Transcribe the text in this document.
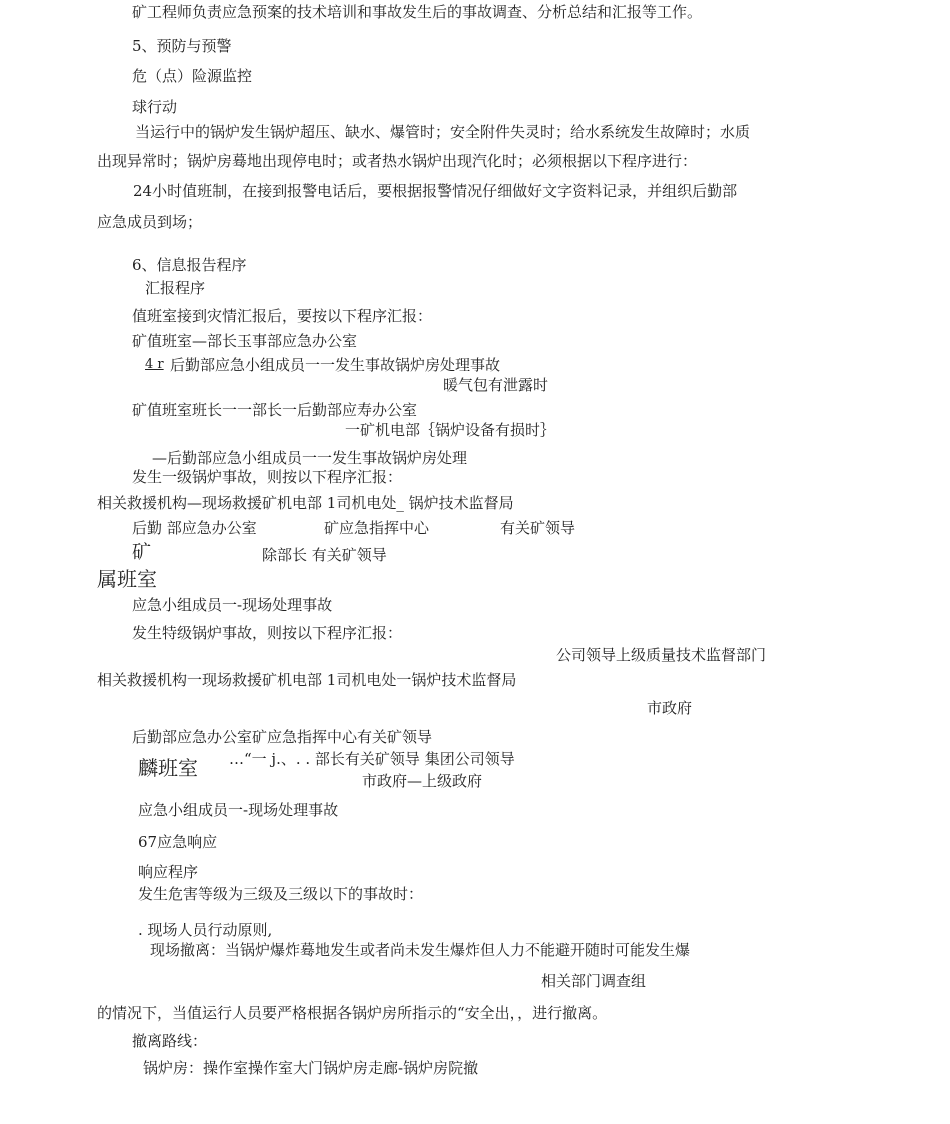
矿工程师负责应急预案的技术培训和事故发生后的事故调查、分析总结和汇报等工作。
5、预防与预警
危（点）险源监控
球行动
当运行中的锅炉发生锅炉超压、缺水、爆管时；安全附件失灵时；给水系统发生故障时；水质
出现异常时；锅炉房蓦地出现停电时；或者热水锅炉出现汽化时；必须根据以下程序进行：
24小时值班制，在接到报警电话后，要根据报警情况仔细做好文字资料记录，并组织后勤部
应急成员到场；
6、信息报告程序
汇报程序
值班室接到灾情汇报后，要按以下程序汇报：
矿值班室—部长玉事部应急办公室
4 r 后勤部应急小组成员一一发生事故锅炉房处理事故
暖气包有泄露时
矿值班室班长一一部长一后勤部应寿办公室
一矿机电部｛锅炉设备有损时｝
—后勤部应急小组成员一一发生事故锅炉房处理
发生一级锅炉事故，则按以下程序汇报：
相关救援机构—现场救援矿机电部 1司机电处_ 锅炉技术监督局
后勤 部应急办公室	矿应急指挥中心	有关矿领导
矿	除部长 有关矿领导
属班室
应急小组成员一-现场处理事故
发生特级锅炉事故，则按以下程序汇报：
公司领导上级质量技术监督部门
相关救援机构一现场救援矿机电部 1司机电处一锅炉技术监督局
市政府
后勤部应急办公室矿应急指挥中心有关矿领导
麟班室 …“一 j.、. . 部长有关矿领导 集团公司领导
市政府—上级政府
应急小组成员一-现场处理事故
67应急响应
响应程序
发生危害等级为三级及三级以下的事故时：
. 现场人员行动原则,
现场撤离：当锅炉爆炸蓦地发生或者尚未发生爆炸但人力不能避开随时可能发生爆
相关部门调查组
的情况下，当值运行人员要严格根据各锅炉房所指示的“安全出，，进行撤离。
撤离路线：
锅炉房：操作室操作室大门锅炉房走廊-锅炉房院撤
